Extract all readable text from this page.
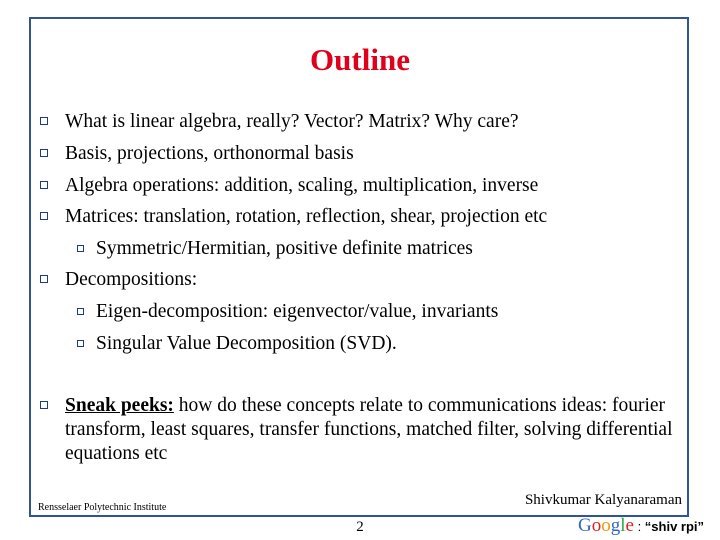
Outline
What is linear algebra, really? Vector? Matrix? Why care?
Basis, projections, orthonormal basis
Algebra operations: addition, scaling, multiplication, inverse
Matrices: translation, rotation, reflection, shear, projection etc
Symmetric/Hermitian, positive definite matrices
Decompositions:
Eigen-decomposition: eigenvector/value, invariants
Singular Value Decomposition (SVD).
Sneak peeks: how do these concepts relate to communications ideas: fourier transform, least squares, transfer functions, matched filter, solving differential equations etc
Rensselaer Polytechnic Institute	Shivkumar Kalyanaraman
2	Google : “shiv rpi”
